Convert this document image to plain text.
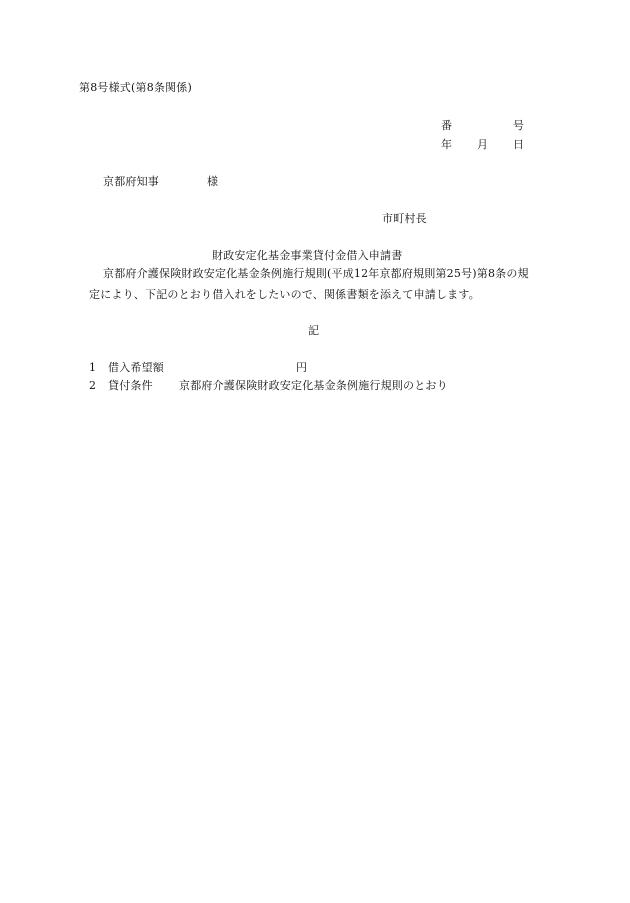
第8号様式(第8条関係)
番	号
年 月 日
京都府知事	様
市町村長
財政安定化基金事業貸付金借入申請書
京都府介護保険財政安定化基金条例施行規則(平成12年京都府規則第25号)第8条の規
定により、下記のとおり借入れをしたいので、関係書類を添えて申請します。
記
1 借入希望額	円
2 貸付条件 京都府介護保険財政安定化基金条例施行規則のとおり
